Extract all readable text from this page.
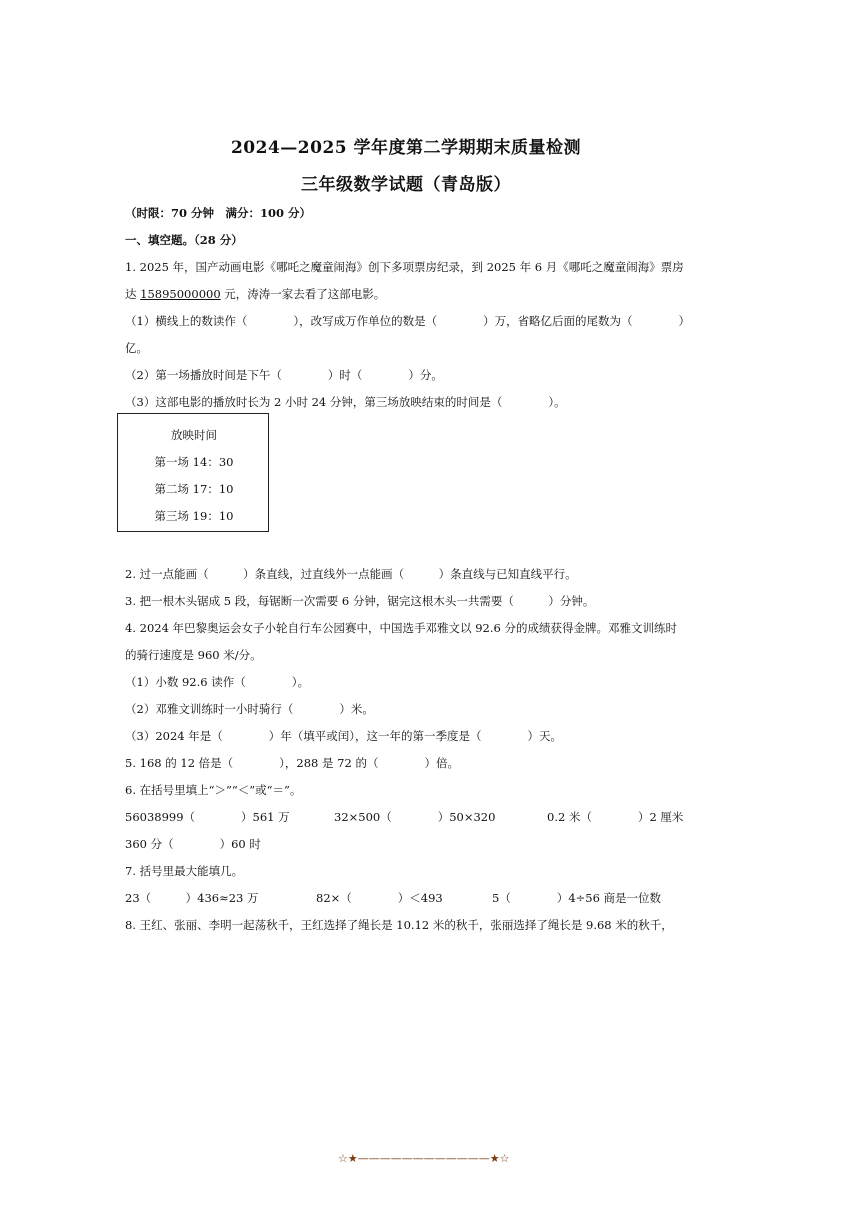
2024—2025 学年度第二学期期末质量检测
三年级数学试题（青岛版）
（时限：70 分钟　满分：100 分）
一、填空题。（28 分）
1. 2025 年，国产动画电影《哪吒之魔童闹海》创下多项票房纪录，到 2025 年 6 月《哪吒之魔童闹海》票房
达 15895000000 元，涛涛一家去看了这部电影。
（1）横线上的数读作（　　　　），改写成万作单位的数是（　　　　）万，省略亿后面的尾数为（　　　　）
亿。
（2）第一场播放时间是下午（　　　　）时（　　　　）分。
（3）这部电影的播放时长为 2 小时 24 分钟，第三场放映结束的时间是（　　　　）。
放映时间
第一场 14：30
第二场 17：10
第三场 19：10
2. 过一点能画（　　　）条直线，过直线外一点能画（　　　）条直线与已知直线平行。
3. 把一根木头锯成 5 段，每锯断一次需要 6 分钟，锯完这根木头一共需要（　　　）分钟。
4. 2024 年巴黎奥运会女子小轮自行车公园赛中，中国选手邓雅文以 92.6 分的成绩获得金牌。邓雅文训练时
的骑行速度是 960 米/分。
（1）小数 92.6 读作（　　　　）。
（2）邓雅文训练时一小时骑行（　　　　）米。
（3）2024 年是（　　　　）年（填平或闰），这一年的第一季度是（　　　　）天。
5. 168 的 12 倍是（　　　　），288 是 72 的（　　　　）倍。
6. 在括号里填上“＞”“＜”或“＝”。
56038999（　　　　）561 万	32×500（　　　　）50×320	0.2 米（　　　　）2 厘米
360 分（　　　　）60 时
7. 括号里最大能填几。
23（　　　）436≈23 万	82×（　　　　）＜493	5（　　　　）4÷56 商是一位数
8. 王红、张丽、李明一起荡秋千，王红选择了绳长是 10.12 米的秋千，张丽选择了绳长是 9.68 米的秋千，
☆★————————————★☆
